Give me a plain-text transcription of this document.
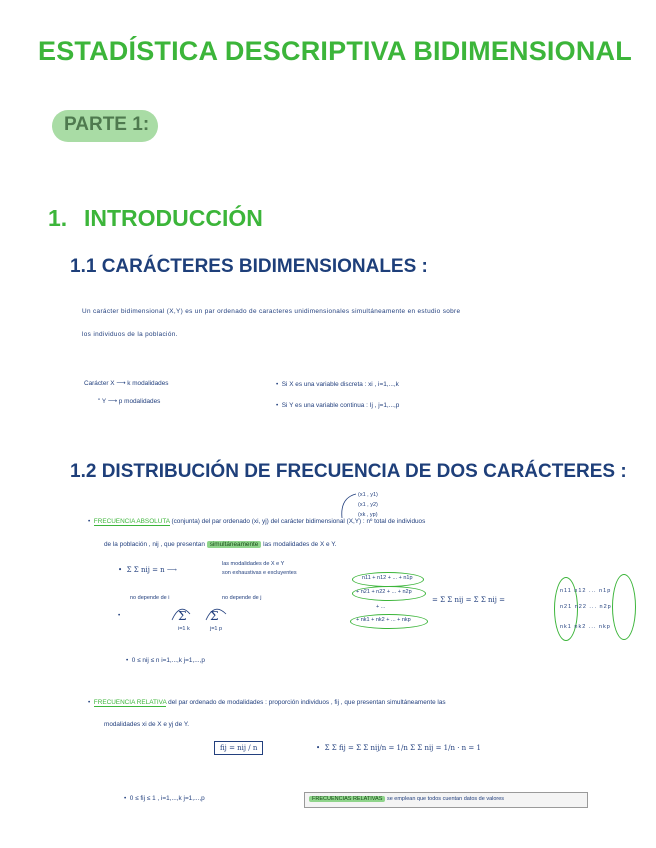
ESTADÍSTICA DESCRIPTIVA BIDIMENSIONAL
PARTE 1:
1. INTRODUCCIÓN
1.1 CARÁCTERES BIDIMENSIONALES :
Un carácter bidimensional (X,Y) es un par ordenado de caracteres unidimensionales simultáneamente en estudio sobre
los individuos de la población.
Carácter X ⟶ k modalidades
" Y ⟶ p modalidades
•  Si X es una variable discreta : xi , i=1,...,k
•  Si Y es una variable continua : Ij , j=1,...,p
1.2 DISTRIBUCIÓN DE FRECUENCIA DE DOS CARÁCTERES :
(x1 , y1)
(x1 , y2)
(xk , yp)
•  FRECUENCIA ABSOLUTA (conjunta) del par ordenado (xi, yj) del carácter bidimensional (X,Y) : nº total de individuos
de la población , nij , que presentan simultáneamente las modalidades de X e Y.
•  Σ Σ nij = n ⟶
las modalidades de X e Y
son exhaustivas e excluyentes
no depende de i	no depende de j
•	Σ
i=1 k
Σ
j=1 p
n11 + n12 + ... + n1p
+ n21 + n22 + ... + n2p
+ ...
+ nk1 + nk2 + ... + nkp
= Σ Σ nij = Σ Σ nij =
n11 n12 ... n1p
n21 n22 ... n2p
nk1 nk2 ... nkp
•  0 ≤ nij ≤ n i=1,...,k j=1,...,p
•  FRECUENCIA RELATIVA del par ordenado de modalidades : proporción individuos , fij , que presentan simultáneamente las
modalidades xi de X e yj de Y.
fij = nij / n	•  Σ Σ fij = Σ Σ nij/n = 1/n Σ Σ nij = 1/n · n = 1
•  0 ≤ fij ≤ 1 , i=1,...,k j=1,...,p	FRECUENCIAS RELATIVAS se emplean que todos cuentan datos de valores
